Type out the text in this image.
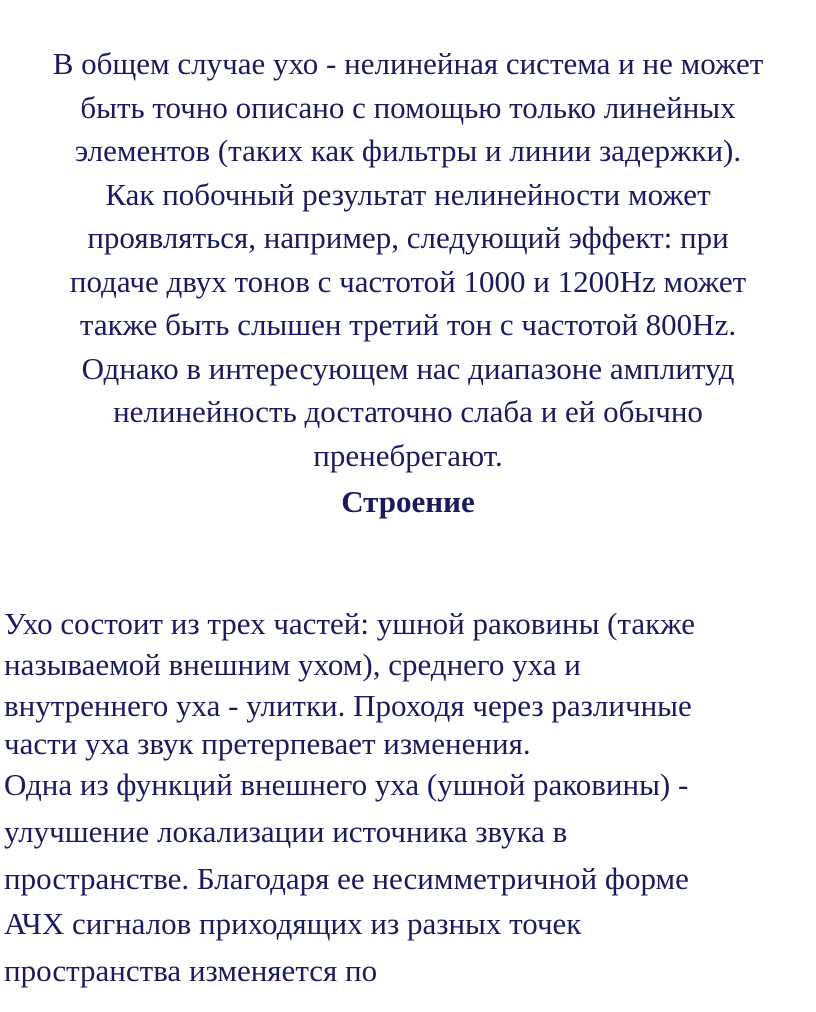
В общем случае ухо - нелинейная система и не может
быть точно описано с помощью только линейных
элементов (таких как фильтры и линии задержки).
Как побочный результат нелинейности может
проявляться, например, следующий эффект: при
подаче двух тонов с частотой 1000 и 1200Hz может
также быть слышен третий тон с частотой 800Hz.
Однако в интересующем нас диапазоне амплитуд
нелинейность достаточно слаба и ей обычно
пренебрегают.
Строение
Ухо состоит из трех частей: ушной раковины (также
называемой внешним ухом), среднего уха и
внутреннего уха - улитки. Проходя через различные
части уха звук претерпевает изменения.
Одна из функций внешнего уха (ушной раковины) -
улучшение локализации источника звука в
пространстве. Благодаря ее несимметричной форме
АЧХ сигналов приходящих из разных точек
пространства изменяется по
